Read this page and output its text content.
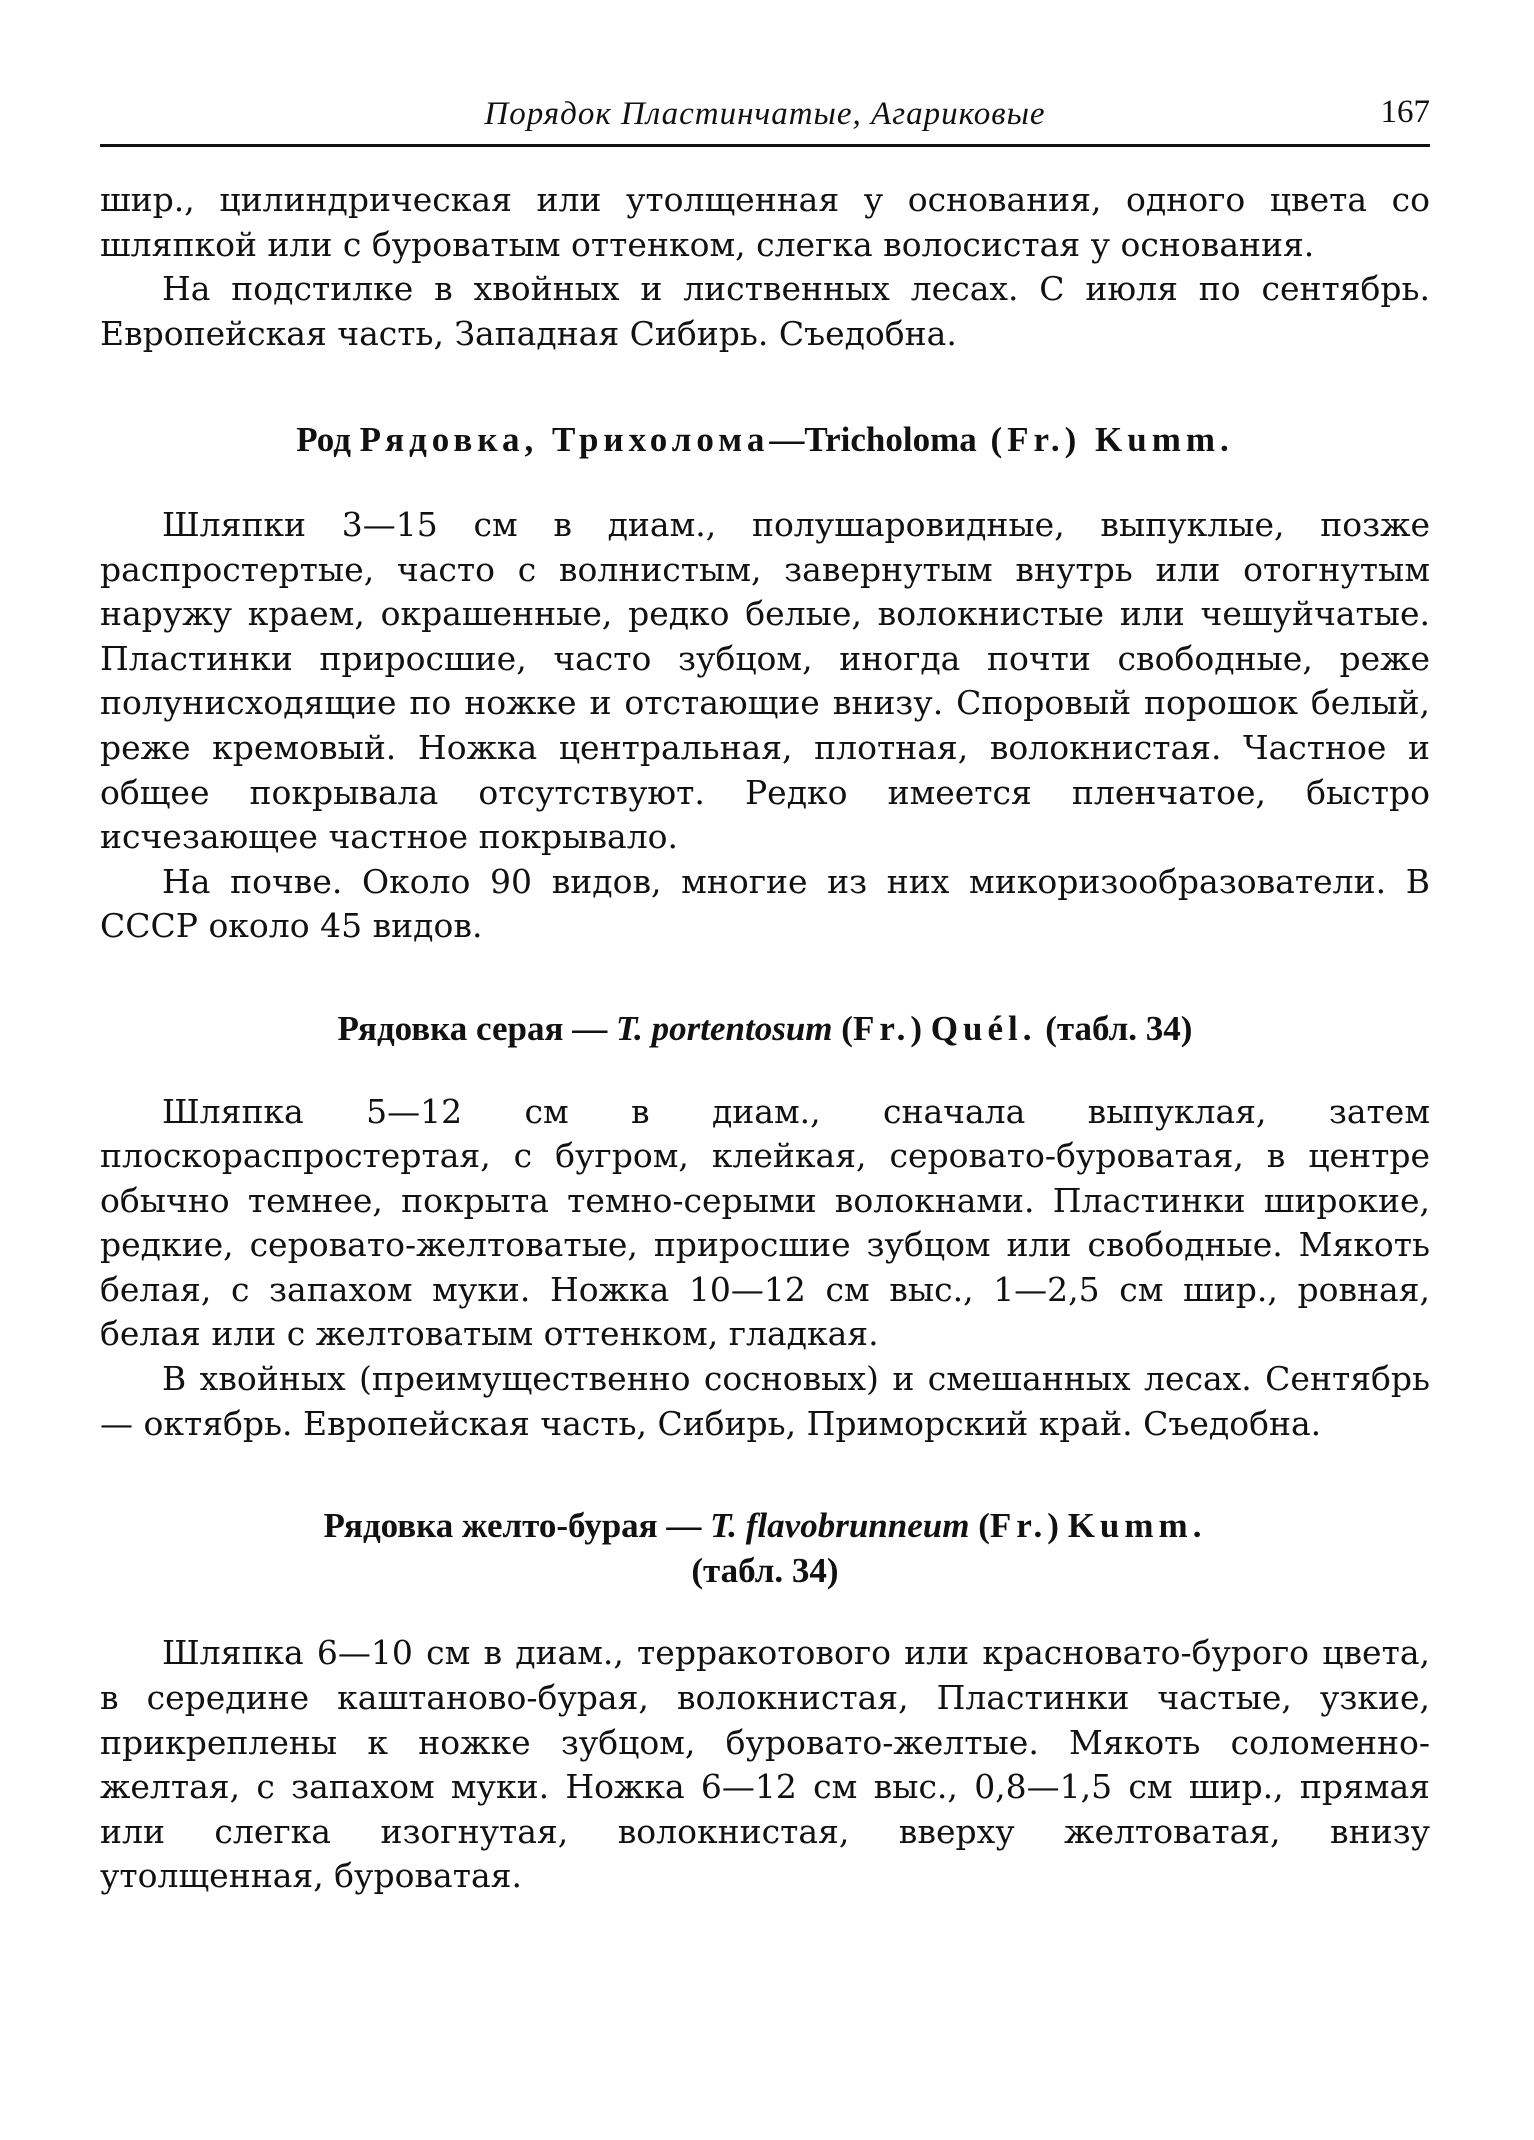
Порядок Пластинчатые, Агариковые	167

шир., цилиндрическая или утолщенная у основания, одного цвета со шляпкой или с буроватым оттенком, слегка волосистая у основания.

На подстилке в хвойных и лиственных лесах. С июля по сентябрь. Европейская часть, Западная Сибирь. Съедобна.

Род Рядовка, Трихолома—Tricholoma (Fr.) Kumm.

Шляпки 3—15 см в диам., полушаровидные, выпуклые, позже распростертые, часто с волнистым, завернутым внутрь или отогнутым наружу краем, окрашенные, редко белые, волокнистые или чешуйчатые. Пластинки приросшие, часто зубцом, иногда почти свободные, реже полунисходящие по ножке и отстающие внизу. Споровый порошок белый, реже кремовый. Ножка центральная, плотная, волокнистая. Частное и общее покрывала отсутствуют. Редко имеется пленчатое, быстро исчезающее частное покрывало.

На почве. Около 90 видов, многие из них микоризообразователи. В СССР около 45 видов.

Рядовка серая — T. portentosum (Fr.) Quél. (табл. 34)

Шляпка 5—12 см в диам., сначала выпуклая, затем плоскораспростертая, с бугром, клейкая, серовато-буроватая, в центре обычно темнее, покрыта темно-серыми волокнами. Пластинки широкие, редкие, серовато-желтоватые, приросшие зубцом или свободные. Мякоть белая, с запахом муки. Ножка 10—12 см выс., 1—2,5 см шир., ровная, белая или с желтоватым оттенком, гладкая.

В хвойных (преимущественно сосновых) и смешанных лесах. Сентябрь — октябрь. Европейская часть, Сибирь, Приморский край. Съедобна.

Рядовка желто-бурая — T. flavobrunneum (Fr.) Kumm.
(табл. 34)

Шляпка 6—10 см в диам., терракотового или красновато-бурого цвета, в середине каштаново-бурая, волокнистая, Пластинки частые, узкие, прикреплены к ножке зубцом, буровато-желтые. Мякоть соломенно-желтая, с запахом муки. Ножка 6—12 см выс., 0,8—1,5 см шир., прямая или слегка изогнутая, волокнистая, вверху желтоватая, внизу утолщенная, буроватая.
